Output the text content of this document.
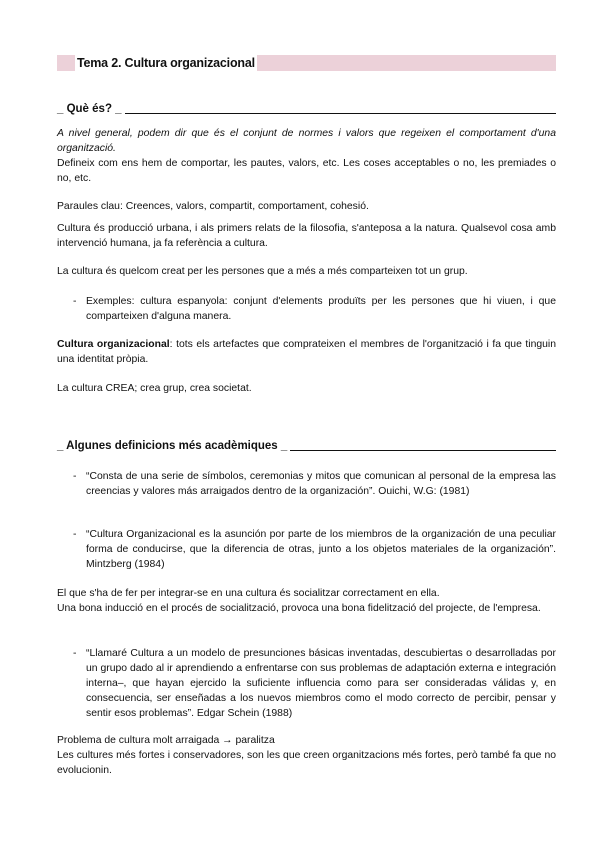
Tema 2. Cultura organizacional
_ Què és? _
A nivel general, podem dir que és el conjunt de normes i valors que regeixen el comportament d'una organització.
Defineix com ens hem de comportar, les pautes, valors, etc. Les coses acceptables o no, les premiades o no, etc.
Paraules clau: Creences, valors, compartit, comportament, cohesió.
Cultura és producció urbana, i als primers relats de la filosofia, s'anteposa a la natura. Qualsevol cosa amb intervenció humana, ja fa referència a cultura.
La cultura és quelcom creat per les persones que a més a més comparteixen tot un grup.
- Exemples: cultura espanyola: conjunt d'elements produïts per les persones que hi viuen, i que comparteixen d'alguna manera.
Cultura organizacional: tots els artefactes que comprateixen el membres de l'organització i fa que tinguin una identitat pròpia.
La cultura CREA; crea grup, crea societat.
_ Algunes definicions més acadèmiques _
- “Consta de una serie de símbolos, ceremonias y mitos que comunican al personal de la empresa las creencias y valores más arraigados dentro de la organización”. Ouichi, W.G: (1981)
- “Cultura Organizacional es la asunción por parte de los miembros de la organización de una peculiar forma de conducirse, que la diferencia de otras, junto a los objetos materiales de la organización”. Mintzberg (1984)
El que s'ha de fer per integrar-se en una cultura és socialitzar correctament en ella.
Una bona inducció en el procés de socialització, provoca una bona fidelització del projecte, de l'empresa.
- “Llamaré Cultura a un modelo de presunciones básicas inventadas, descubiertas o desarrolladas por un grupo dado al ir aprendiendo a enfrentarse con sus problemas de adaptación externa e integración interna–, que hayan ejercido la suficiente influencia como para ser consideradas válidas y, en consecuencia, ser enseñadas a los nuevos miembros como el modo correcto de percibir, pensar y sentir esos problemas”. Edgar Schein (1988)
Problema de cultura molt arraigada → paralitza
Les cultures més fortes i conservadores, son les que creen organitzacions més fortes, però també fa que no evolucionin.
